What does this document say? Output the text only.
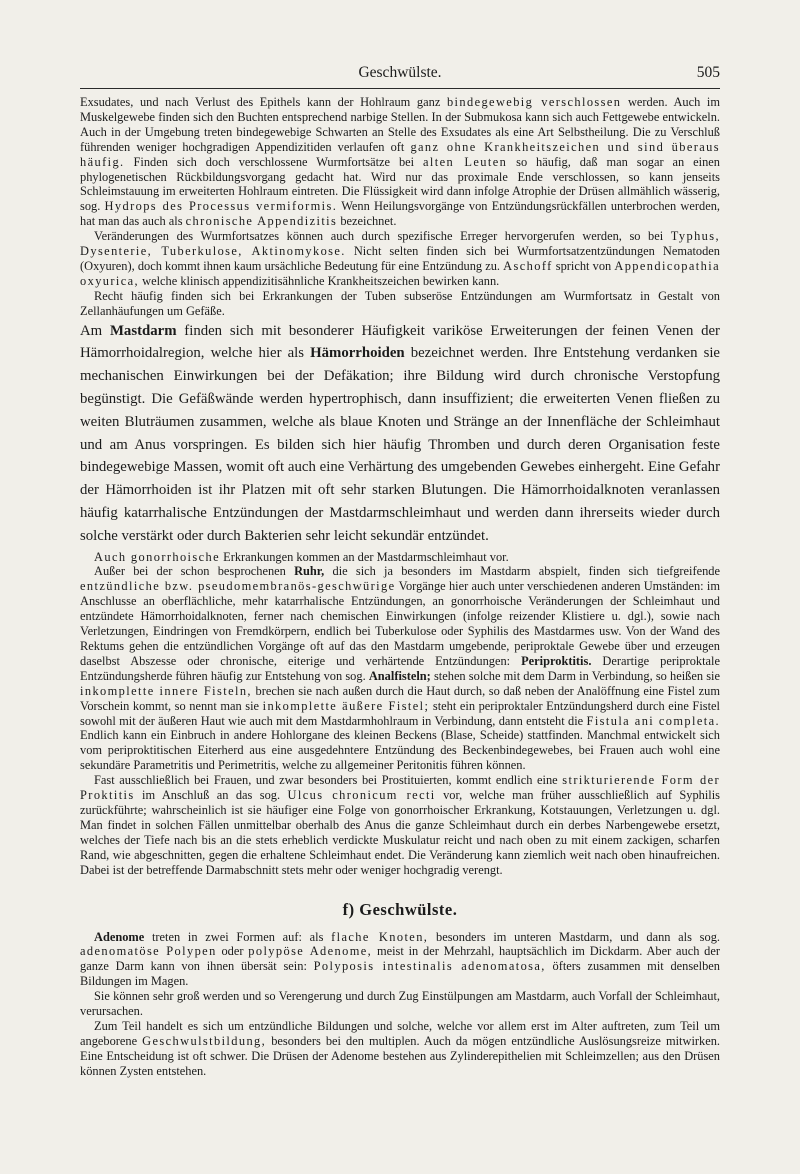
Geschwülste.	505

Exsudates, und nach Verlust des Epithels kann der Hohlraum ganz bindegewebig verschlossen werden. Auch im Muskelgewebe finden sich den Buchten entsprechend narbige Stellen. In der Submukosa kann sich auch Fettgewebe entwickeln. Auch in der Umgebung treten bindegewebige Schwarten an Stelle des Exsudates als eine Art Selbstheilung. Die zu Verschluß führenden weniger hochgradigen Appendizitiden verlaufen oft ganz ohne Krankheitszeichen und sind überaus häufig. Finden sich doch verschlossene Wurmfortsätze bei alten Leuten so häufig, daß man sogar an einen phylogenetischen Rückbildungsvorgang gedacht hat. Wird nur das proximale Ende verschlossen, so kann jenseits Schleimstauung im erweiterten Hohlraum eintreten. Die Flüssigkeit wird dann infolge Atrophie der Drüsen allmählich wässerig, sog. Hydrops des Processus vermiformis. Wenn Heilungsvorgänge von Entzündungsrückfällen unterbrochen werden, hat man das auch als chronische Appendizitis bezeichnet.

Veränderungen des Wurmfortsatzes können auch durch spezifische Erreger hervorgerufen werden, so bei Typhus, Dysenterie, Tuberkulose, Aktinomykose. Nicht selten finden sich bei Wurmfortsatzentzündungen Nematoden (Oxyuren), doch kommt ihnen kaum ursächliche Bedeutung für eine Entzündung zu. Aschoff spricht von Appendicopathia oxyurica, welche klinisch appendizitisähnliche Krankheitszeichen bewirken kann.

Recht häufig finden sich bei Erkrankungen der Tuben subseröse Entzündungen am Wurmfortsatz in Gestalt von Zellanhäufungen um Gefäße.

Am Mastdarm finden sich mit besonderer Häufigkeit variköse Erweiterungen der feinen Venen der Hämorrhoidalregion, welche hier als Hämorrhoiden bezeichnet werden. Ihre Entstehung verdanken sie mechanischen Einwirkungen bei der Defäkation; ihre Bildung wird durch chronische Verstopfung begünstigt. Die Gefäßwände werden hypertrophisch, dann insuffizient; die erweiterten Venen fließen zu weiten Bluträumen zusammen, welche als blaue Knoten und Stränge an der Innenfläche der Schleimhaut und am Anus vorspringen. Es bilden sich hier häufig Thromben und durch deren Organisation feste bindegewebige Massen, womit oft auch eine Verhärtung des umgebenden Gewebes einhergeht. Eine Gefahr der Hämorrhoiden ist ihr Platzen mit oft sehr starken Blutungen. Die Hämorrhoidalknoten veranlassen häufig katarrhalische Entzündungen der Mastdarmschleimhaut und werden dann ihrerseits wieder durch solche verstärkt oder durch Bakterien sehr leicht sekundär entzündet.

Auch gonorrhoische Erkrankungen kommen an der Mastdarmschleimhaut vor.

Außer bei der schon besprochenen Ruhr, die sich ja besonders im Mastdarm abspielt, finden sich tiefgreifende entzündliche bzw. pseudomembranös-geschwürige Vorgänge hier auch unter verschiedenen anderen Umständen: im Anschlusse an oberflächliche, mehr katarrhalische Entzündungen, an gonorrhoische Veränderungen der Schleimhaut und entzündete Hämorrhoidalknoten, ferner nach chemischen Einwirkungen (infolge reizender Klistiere u. dgl.), sowie nach Verletzungen, Eindringen von Fremdkörpern, endlich bei Tuberkulose oder Syphilis des Mastdarmes usw. Von der Wand des Rektums gehen die entzündlichen Vorgänge oft auf das den Mastdarm umgebende, periproktale Gewebe über und erzeugen daselbst Abszesse oder chronische, eiterige und verhärtende Entzündungen: Periproktitis. Derartige periproktale Entzündungsherde führen häufig zur Entstehung von sog. Analfisteln; stehen solche mit dem Darm in Verbindung, so heißen sie inkomplette innere Fisteln, brechen sie nach außen durch die Haut durch, so daß neben der Analöffnung eine Fistel zum Vorschein kommt, so nennt man sie inkomplette äußere Fistel; steht ein periproktaler Entzündungsherd durch eine Fistel sowohl mit der äußeren Haut wie auch mit dem Mastdarmhohlraum in Verbindung, dann entsteht die Fistula ani completa. Endlich kann ein Einbruch in andere Hohlorgane des kleinen Beckens (Blase, Scheide) stattfinden. Manchmal entwickelt sich vom periproktitischen Eiterherd aus eine ausgedehntere Entzündung des Beckenbindegewebes, bei Frauen auch wohl eine sekundäre Parametritis und Perimetritis, welche zu allgemeiner Peritonitis führen können.

Fast ausschließlich bei Frauen, und zwar besonders bei Prostituierten, kommt endlich eine strikturierende Form der Proktitis im Anschluß an das sog. Ulcus chronicum recti vor, welche man früher ausschließlich auf Syphilis zurückführte; wahrscheinlich ist sie häufiger eine Folge von gonorrhoischer Erkrankung, Kotstauungen, Verletzungen u. dgl. Man findet in solchen Fällen unmittelbar oberhalb des Anus die ganze Schleimhaut durch ein derbes Narbengewebe ersetzt, welches der Tiefe nach bis an die stets erheblich verdickte Muskulatur reicht und nach oben zu mit einem zackigen, scharfen Rand, wie abgeschnitten, gegen die erhaltene Schleimhaut endet. Die Veränderung kann ziemlich weit nach oben hinaufreichen. Dabei ist der betreffende Darmabschnitt stets mehr oder weniger hochgradig verengt.

f) Geschwülste.

Adenome treten in zwei Formen auf: als flache Knoten, besonders im unteren Mastdarm, und dann als sog. adenomatöse Polypen oder polypöse Adenome, meist in der Mehrzahl, hauptsächlich im Dickdarm. Aber auch der ganze Darm kann von ihnen übersät sein: Polyposis intestinalis adenomatosa, öfters zusammen mit denselben Bildungen im Magen.

Sie können sehr groß werden und so Verengerung und durch Zug Einstülpungen am Mastdarm, auch Vorfall der Schleimhaut, verursachen.

Zum Teil handelt es sich um entzündliche Bildungen und solche, welche vor allem erst im Alter auftreten, zum Teil um angeborene Geschwulstbildung, besonders bei den multiplen. Auch da mögen entzündliche Auslösungsreize mitwirken. Eine Entscheidung ist oft schwer. Die Drüsen der Adenome bestehen aus Zylinderepithelien mit Schleimzellen; aus den Drüsen können Zysten entstehen.
